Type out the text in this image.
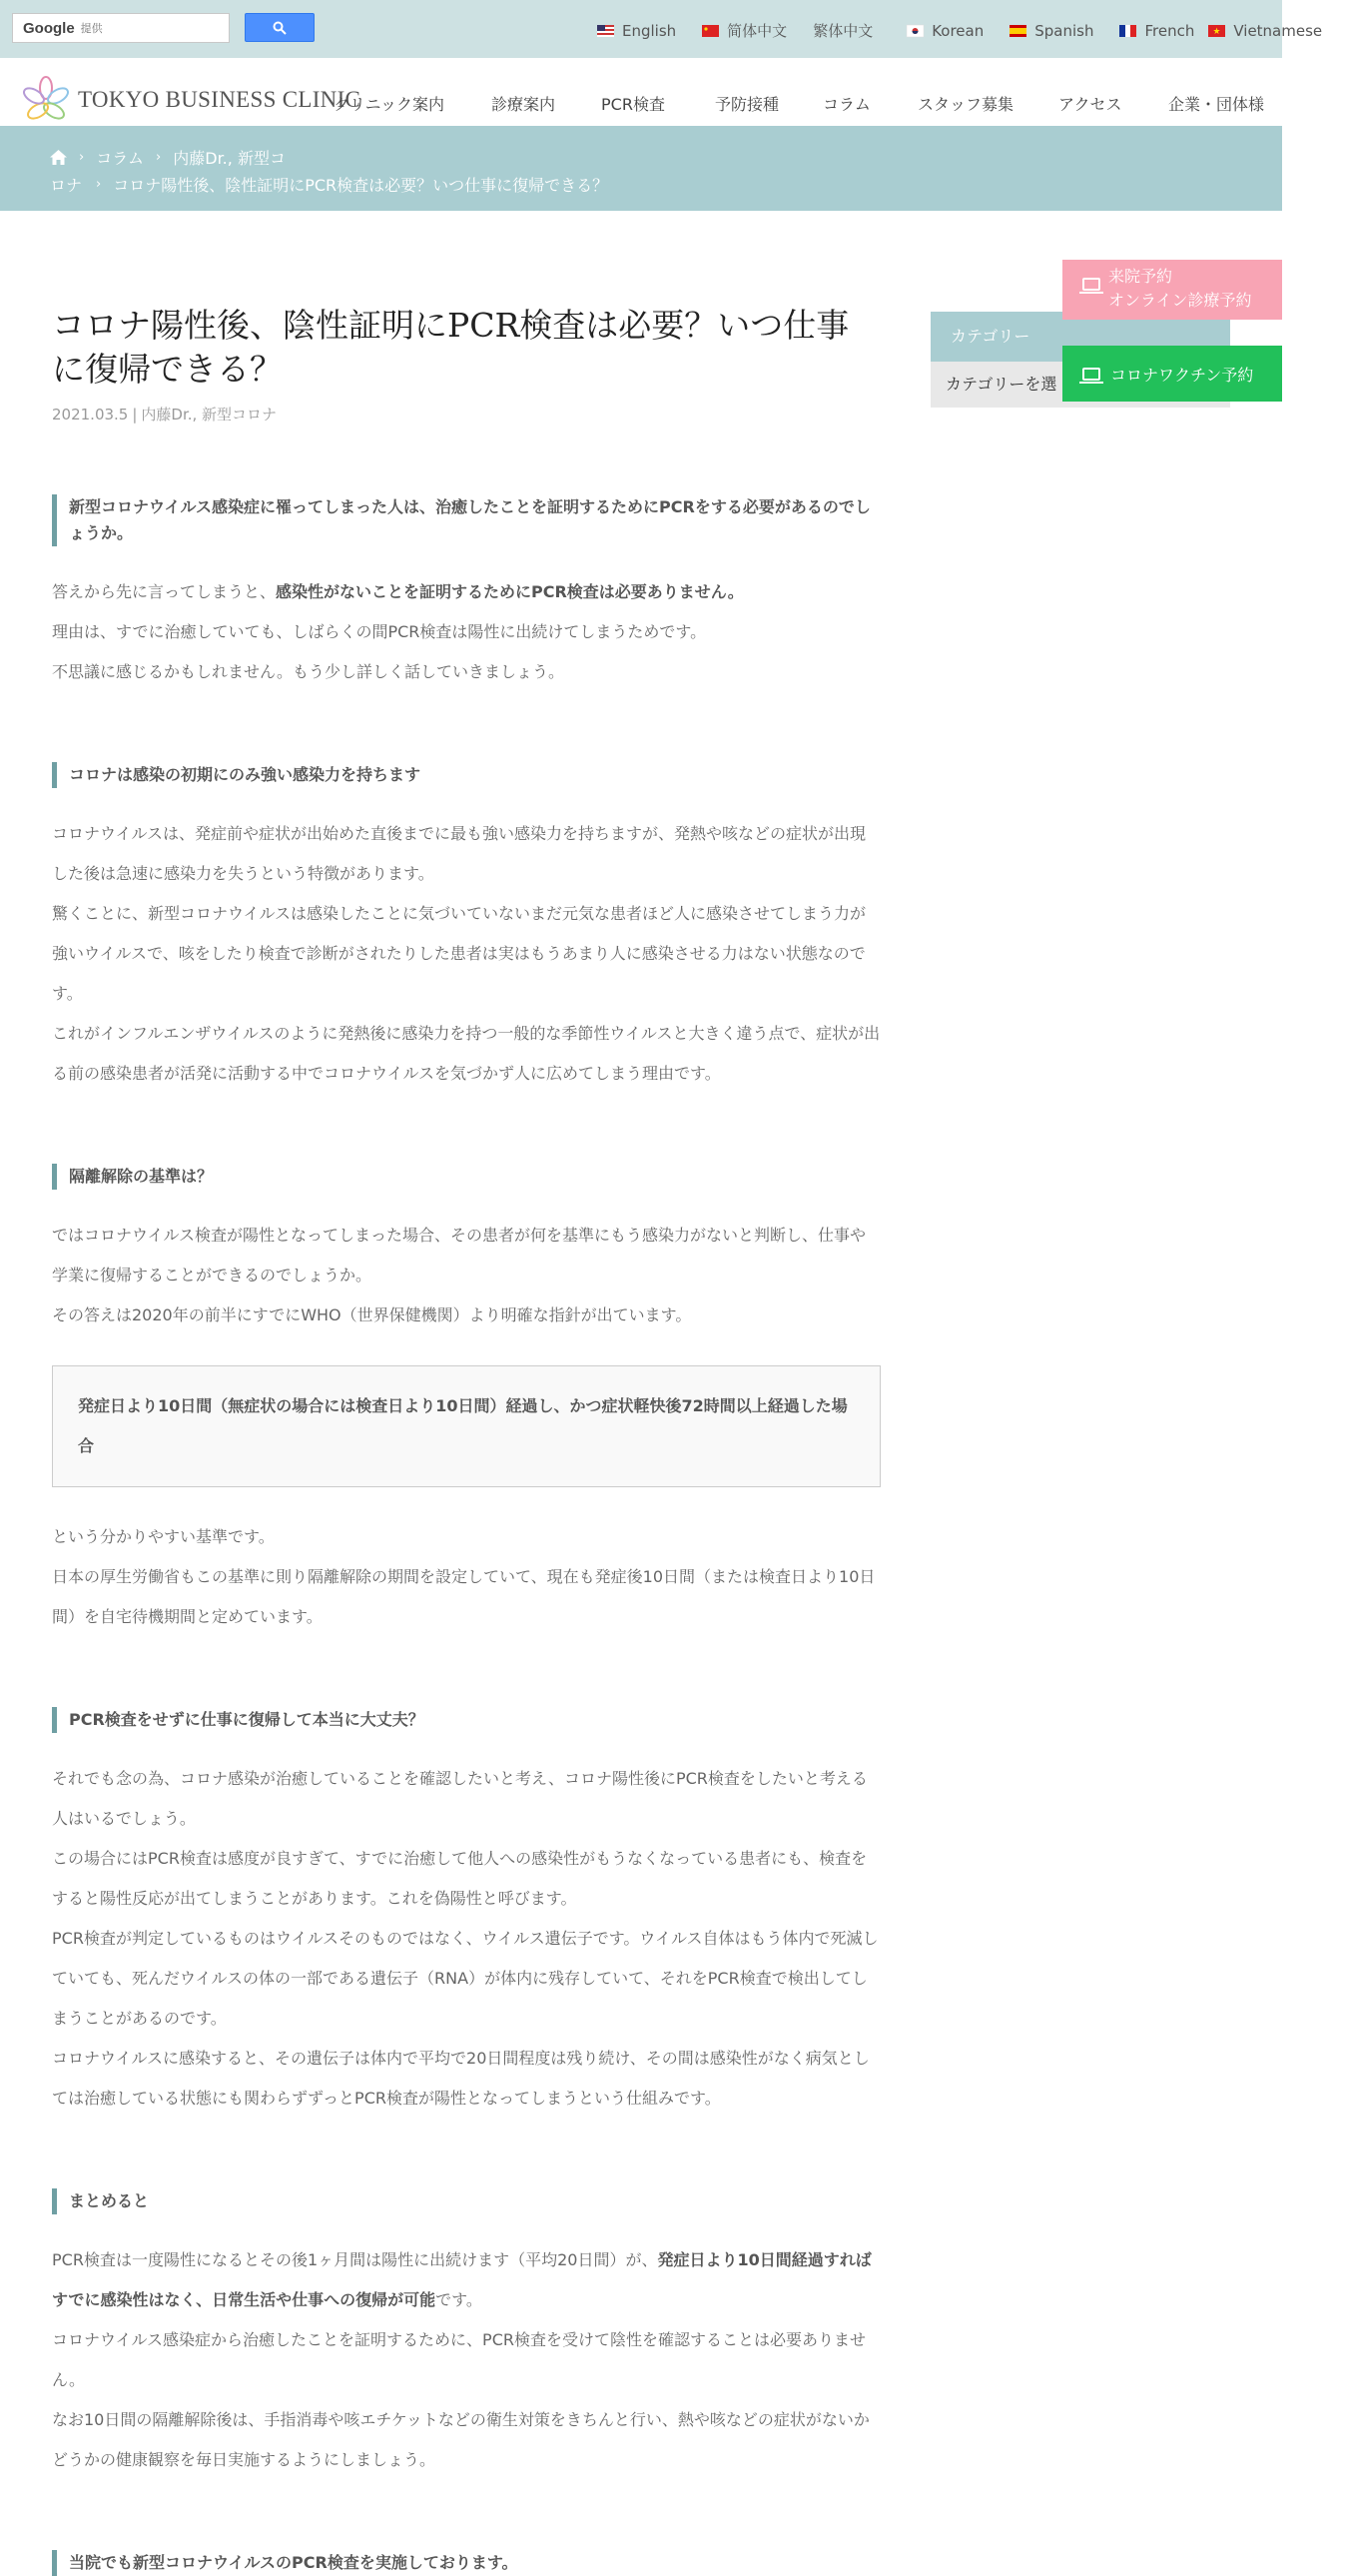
Google 提供	English	简体中文 繁体中文	Korean	Spanish	French	Vietnamese
TOKYO BUSINESS CLINIC
クリニック案内	診療案内	PCR検査	予防接種	コラム	スタッフ募集	アクセス	企業・団体様
› コラム › 内藤Dr., 新型コ
ロナ › コロナ陽性後、陰性証明にPCR検査は必要？いつ仕事に復帰できる？
コロナ陽性後、陰性証明にPCR検査は必要？いつ仕事に復帰できる？
2021.03.5 | 内藤Dr., 新型コロナ
新型コロナウイルス感染症に罹ってしまった人は、治癒したことを証明するためにPCRをする必要があるのでしょうか。

答えから先に言ってしまうと、感染性がないことを証明するためにPCR検査は必要ありません。

理由は、すでに治癒していても、しばらくの間PCR検査は陽性に出続けてしまうためです。

不思議に感じるかもしれません。もう少し詳しく話していきましょう。

コロナは感染の初期にのみ強い感染力を持ちます

コロナウイルスは、発症前や症状が出始めた直後までに最も強い感染力を持ちますが、発熱や咳などの症状が出現した後は急速に感染力を失うという特徴があります。

驚くことに、新型コロナウイルスは感染したことに気づいていないまだ元気な患者ほど人に感染させてしまう力が強いウイルスで、咳をしたり検査で診断がされたりした患者は実はもうあまり人に感染させる力はない状態なのです。

これがインフルエンザウイルスのように発熱後に感染力を持つ一般的な季節性ウイルスと大きく違う点で、症状が出る前の感染患者が活発に活動する中でコロナウイルスを気づかず人に広めてしまう理由です。

隔離解除の基準は？

ではコロナウイルス検査が陽性となってしまった場合、その患者が何を基準にもう感染力がないと判断し、仕事や学業に復帰することができるのでしょうか。

その答えは2020年の前半にすでにWHO（世界保健機関）より明確な指針が出ています。

発症日より10日間（無症状の場合には検査日より10日間）経過し、かつ症状軽快後72時間以上経過した場合

という分かりやすい基準です。

日本の厚生労働省もこの基準に則り隔離解除の期間を設定していて、現在も発症後10日間（または検査日より10日間）を自宅待機期間と定めています。

PCR検査をせずに仕事に復帰して本当に大丈夫？

それでも念の為、コロナ感染が治癒していることを確認したいと考え、コロナ陽性後にPCR検査をしたいと考える人はいるでしょう。

この場合にはPCR検査は感度が良すぎて、すでに治癒して他人への感染性がもうなくなっている患者にも、検査をすると陽性反応が出てしまうことがあります。これを偽陽性と呼びます。

PCR検査が判定しているものはウイルスそのものではなく、ウイルス遺伝子です。ウイルス自体はもう体内で死滅していても、死んだウイルスの体の一部である遺伝子（RNA）が体内に残存していて、それをPCR検査で検出してしまうことがあるのです。

コロナウイルスに感染すると、その遺伝子は体内で平均で20日間程度は残り続け、その間は感染性がなく病気としては治癒している状態にも関わらずずっとPCR検査が陽性となってしまうという仕組みです。

まとめると

PCR検査は一度陽性になるとその後1ヶ月間は陽性に出続けます（平均20日間）が、発症日より10日間経過すればすでに感染性はなく、日常生活や仕事への復帰が可能です。

コロナウイルス感染症から治癒したことを証明するために、PCR検査を受けて陰性を確認することは必要ありません。

なお10日間の隔離解除後は、手指消毒や咳エチケットなどの衛生対策をきちんと行い、熱や咳などの症状がないかどうかの健康観察を毎日実施するようにしましょう。

当院でも新型コロナウイルスのPCR検査を実施しております。
カテゴリー
カテゴリーを選
来院予約
オンライン診療予約
コロナワクチン予約
